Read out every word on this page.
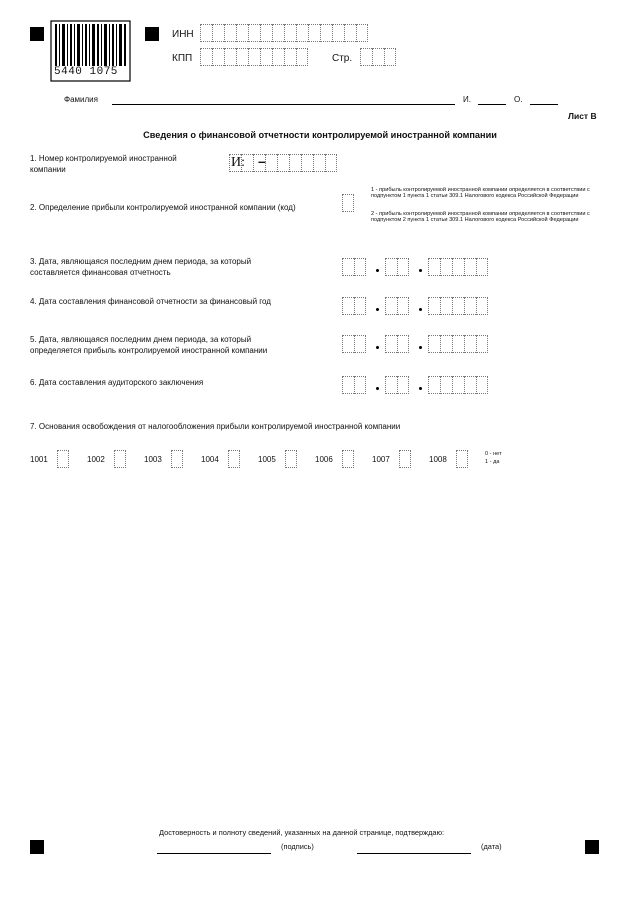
5440 1075
ИНН
КПП	Стр.
Фамилия	И.	О.
Лист В
Сведения о финансовой отчетности контролируемой иностранной компании
1. Номер контролируемой иностранной
компании	И: –
2. Определение прибыли контролируемой иностранной компании (код)
1 - прибыль контролируемой иностранной компании определяется в соответствии с подпунктом 1 пункта 1 статьи 309.1 Налогового кодекса Российской Федерации
2 - прибыль контролируемой иностранной компании определяется в соответствии с подпунктом 2 пункта 1 статьи 309.1 Налогового кодекса Российской Федерации
3. Дата, являющаяся последним днем периода, за который
составляется финансовая отчетность
4. Дата составления финансовой отчетности за финансовый год
5. Дата, являющаяся последним днем периода, за который
определяется прибыль контролируемой иностранной компании
6. Дата составления аудиторского заключения
7. Основания освобождения от налогообложения прибыли контролируемой иностранной компании
1001	1002	1003	1004	1005	1006	1007	1008
0 - нет
1 - да
Достоверность и полноту сведений, указанных на данной странице, подтверждаю:
(подпись)	(дата)
